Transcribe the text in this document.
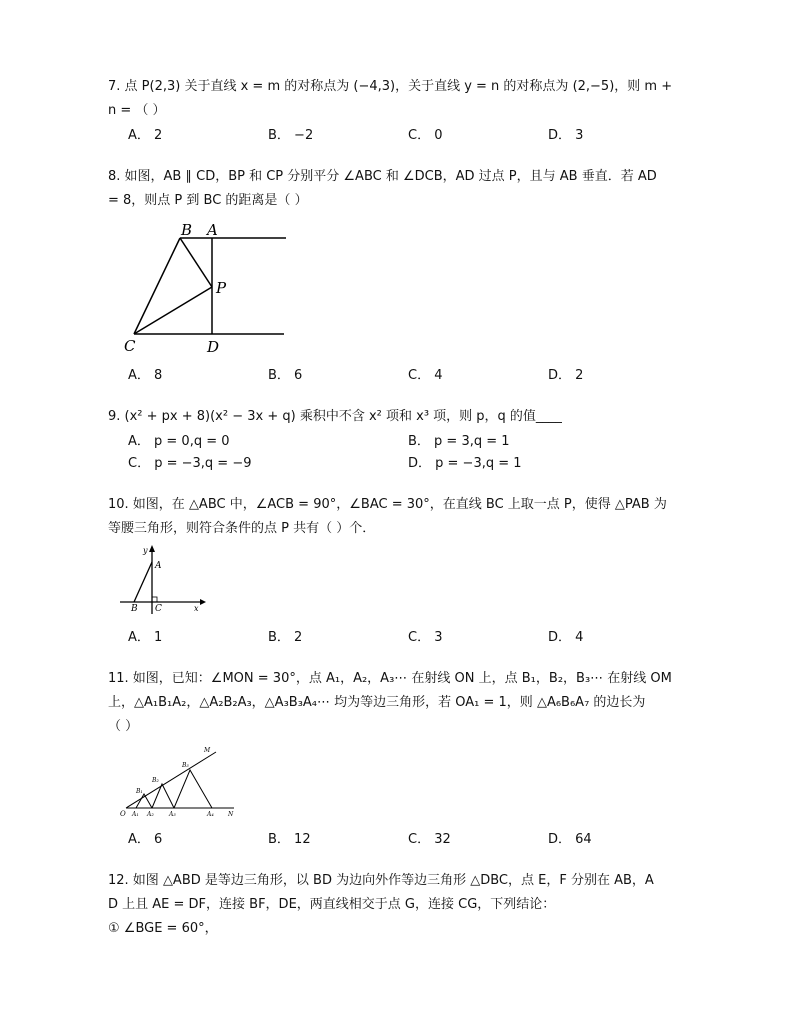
7. 点 P(2,3) 关于直线 x = m 的对称点为 (−4,3)，关于直线 y = n 的对称点为 (2,−5)，则 m +
n = （ ）
A． 2	B． −2	C． 0	D． 3
8. 如图，AB ∥ CD，BP 和 CP 分别平分 ∠ABC 和 ∠DCB，AD 过点 P，且与 AB 垂直．若 AD
= 8，则点 P 到 BC 的距离是（ ）
B A
P
C	D
A． 8	B． 6	C． 4	D． 2
9. (x² + px + 8)(x² − 3x + q) 乘积中不含 x² 项和 x³ 项，则 p，q 的值____
A． p = 0,q = 0	B． p = 3,q = 1
C． p = −3,q = −9	D． p = −3,q = 1
10. 如图，在 △ABC 中，∠ACB = 90°，∠BAC = 30°，在直线 BC 上取一点 P，使得 △PAB 为
等腰三角形，则符合条件的点 P 共有（ ）个．
y
A
B C	x
A． 1	B． 2	C． 3	D． 4
11. 如图，已知：∠MON = 30°，点 A₁，A₂，A₃⋯ 在射线 ON 上，点 B₁，B₂，B₃⋯ 在射线 OM
上，△A₁B₁A₂，△A₂B₂A₃，△A₃B₃A₄⋯ 均为等边三角形，若 OA₁ = 1，则 △A₆B₆A₇ 的边长为
（ ）
M
O	N
B₁
B₂
B₃
A₁ A₂	A₃	A₄
A． 6	B． 12	C． 32	D． 64
12. 如图 △ABD 是等边三角形，以 BD 为边向外作等边三角形 △DBC，点 E，F 分别在 AB，A
D 上且 AE = DF，连接 BF，DE，两直线相交于点 G，连接 CG，下列结论：
① ∠BGE = 60°，
